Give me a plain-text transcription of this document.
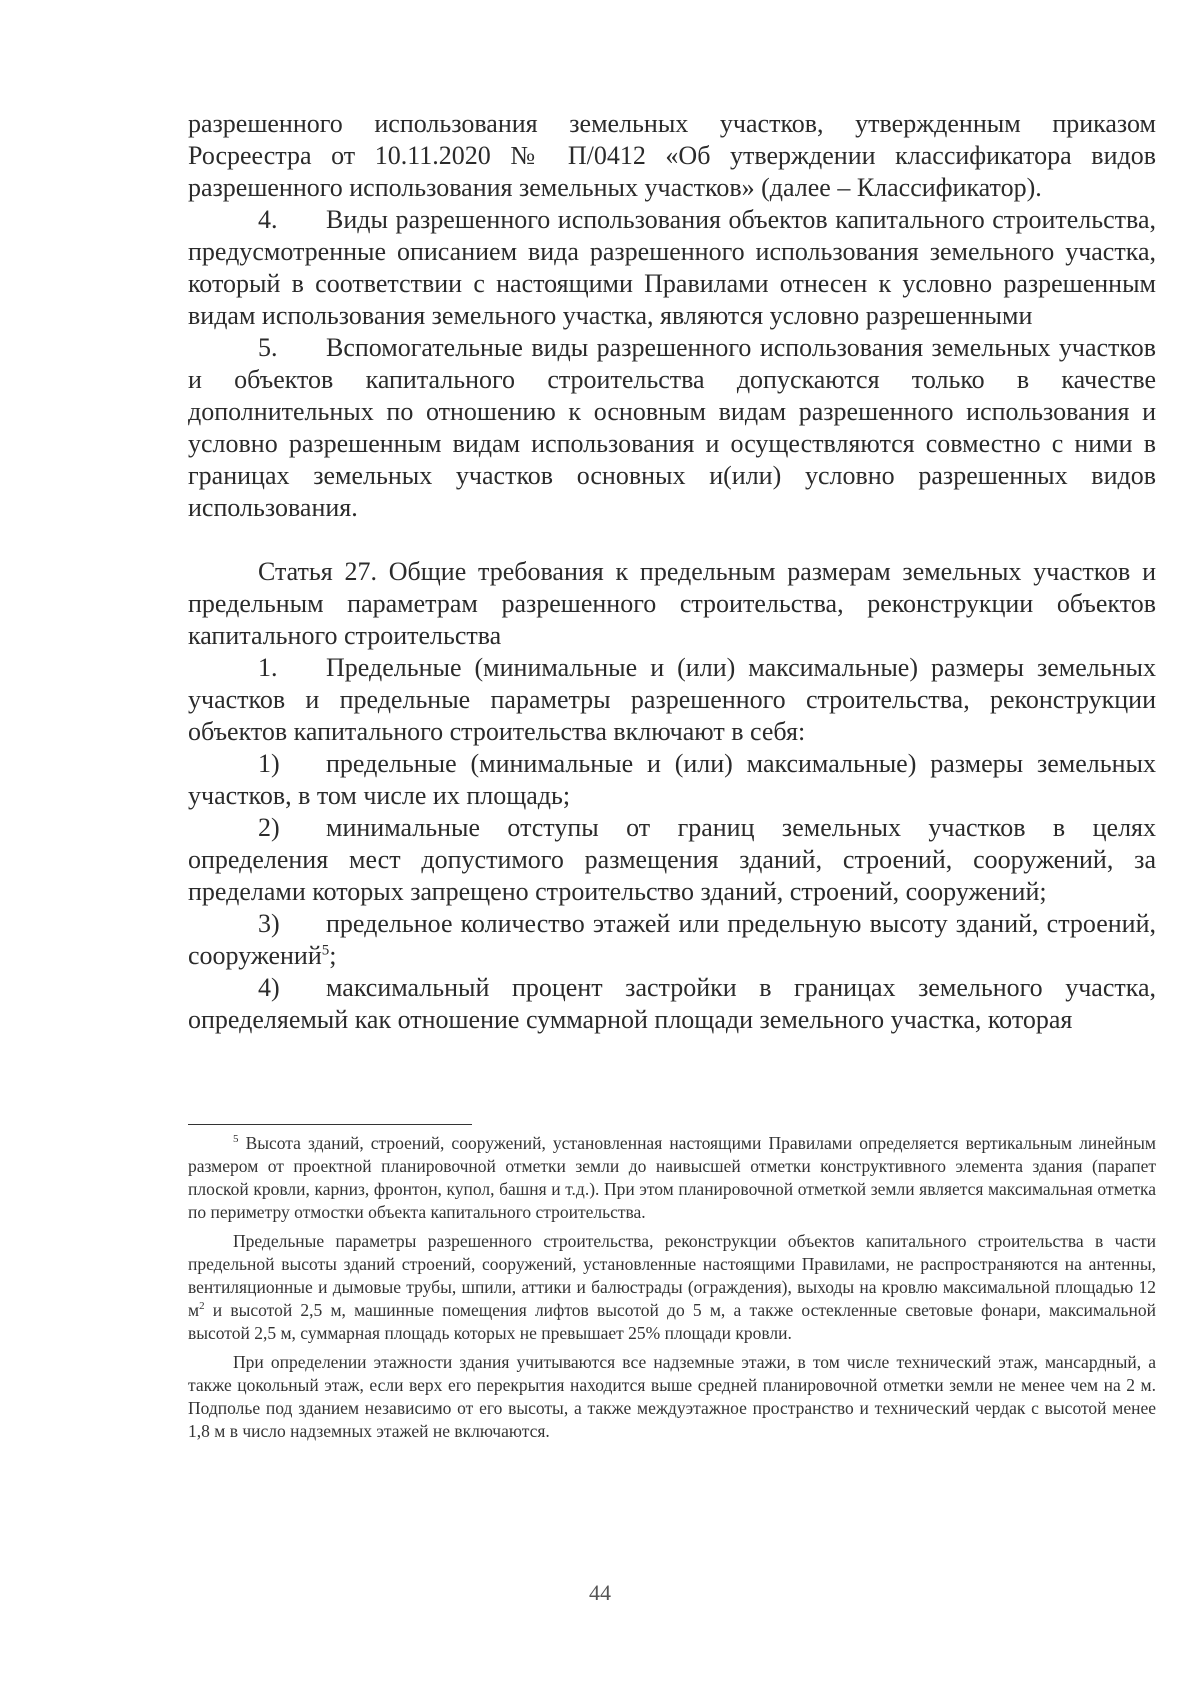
разрешенного использования земельных участков, утвержденным приказом Росреестра от 10.11.2020 № П/0412 «Об утверждении классификатора видов разрешенного использования земельных участков» (далее – Классификатор).

4. Виды разрешенного использования объектов капитального строительства, предусмотренные описанием вида разрешенного использования земельного участка, который в соответствии с настоящими Правилами отнесен к условно разрешенным видам использования земельного участка, являются условно разрешенными

5. Вспомогательные виды разрешенного использования земельных участков и объектов капитального строительства допускаются только в качестве дополнительных по отношению к основным видам разрешенного использования и условно разрешенным видам использования и осуществляются совместно с ними в границах земельных участков основных и(или) условно разрешенных видов использования.

Статья 27. Общие требования к предельным размерам земельных участков и предельным параметрам разрешенного строительства, реконструкции объектов капитального строительства

1. Предельные (минимальные и (или) максимальные) размеры земельных участков и предельные параметры разрешенного строительства, реконструкции объектов капитального строительства включают в себя:

1) предельные (минимальные и (или) максимальные) размеры земельных участков, в том числе их площадь;

2) минимальные отступы от границ земельных участков в целях определения мест допустимого размещения зданий, строений, сооружений, за пределами которых запрещено строительство зданий, строений, сооружений;

3) предельное количество этажей или предельную высоту зданий, строений, сооружений$^5$;

4) максимальный процент застройки в границах земельного участка, определяемый как отношение суммарной площади земельного участка, которая

$^5$ Высота зданий, строений, сооружений, установленная настоящими Правилами определяется вертикальным линейным размером от проектной планировочной отметки земли до наивысшей отметки конструктивного элемента здания (парапет плоской кровли, карниз, фронтон, купол, башня и т.д.). При этом планировочной отметкой земли является максимальная отметка по периметру отмостки объекта капитального строительства.

Предельные параметры разрешенного строительства, реконструкции объектов капитального строительства в части предельной высоты зданий строений, сооружений, установленные настоящими Правилами, не распространяются на антенны, вентиляционные и дымовые трубы, шпили, аттики и балюстрады (ограждения), выходы на кровлю максимальной площадью 12 м$^2$ и высотой 2,5 м, машинные помещения лифтов высотой до 5 м, а также остекленные световые фонари, максимальной высотой 2,5 м, суммарная площадь которых не превышает 25% площади кровли.

При определении этажности здания учитываются все надземные этажи, в том числе технический этаж, мансардный, а также цокольный этаж, если верх его перекрытия находится выше средней планировочной отметки земли не менее чем на 2 м. Подполье под зданием независимо от его высоты, а также междуэтажное пространство и технический чердак с высотой менее 1,8 м в число надземных этажей не включаются.

44
